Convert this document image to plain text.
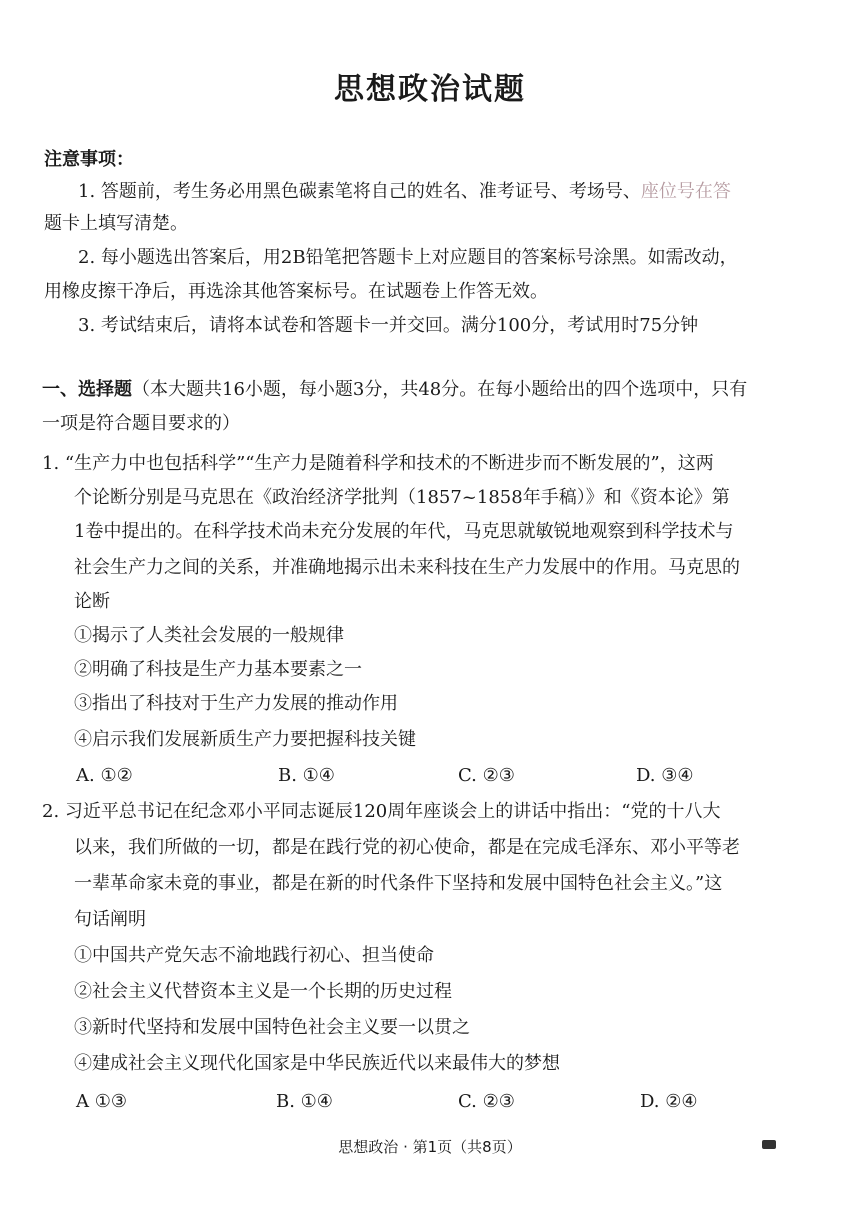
思想政治试题
注意事项：
1. 答题前，考生务必用黑色碳素笔将自己的姓名、准考证号、考场号、座位号在答
题卡上填写清楚。
2. 每小题选出答案后，用2B铅笔把答题卡上对应题目的答案标号涂黑。如需改动，
用橡皮擦干净后，再选涂其他答案标号。在试题卷上作答无效。
3. 考试结束后，请将本试卷和答题卡一并交回。满分100分，考试用时75分钟
一、选择题（本大题共16小题，每小题3分，共48分。在每小题给出的四个选项中，只有
一项是符合题目要求的）
1. “生产力中也包括科学”“生产力是随着科学和技术的不断进步而不断发展的”，这两
个论断分别是马克思在《政治经济学批判（1857~1858年手稿）》和《资本论》第
1卷中提出的。在科学技术尚未充分发展的年代，马克思就敏锐地观察到科学技术与
社会生产力之间的关系，并准确地揭示出未来科技在生产力发展中的作用。马克思的
论断
①揭示了人类社会发展的一般规律
②明确了科技是生产力基本要素之一
③指出了科技对于生产力发展的推动作用
④启示我们发展新质生产力要把握科技关键
A. ①②	B. ①④	C. ②③	D. ③④
2. 习近平总书记在纪念邓小平同志诞辰120周年座谈会上的讲话中指出：“党的十八大
以来，我们所做的一切，都是在践行党的初心使命，都是在完成毛泽东、邓小平等老
一辈革命家未竟的事业，都是在新的时代条件下坚持和发展中国特色社会主义。”这
句话阐明
①中国共产党矢志不渝地践行初心、担当使命
②社会主义代替资本主义是一个长期的历史过程
③新时代坚持和发展中国特色社会主义要一以贯之
④建成社会主义现代化国家是中华民族近代以来最伟大的梦想
A ①③	B. ①④	C. ②③	D. ②④
思想政治 · 第1页（共8页）
